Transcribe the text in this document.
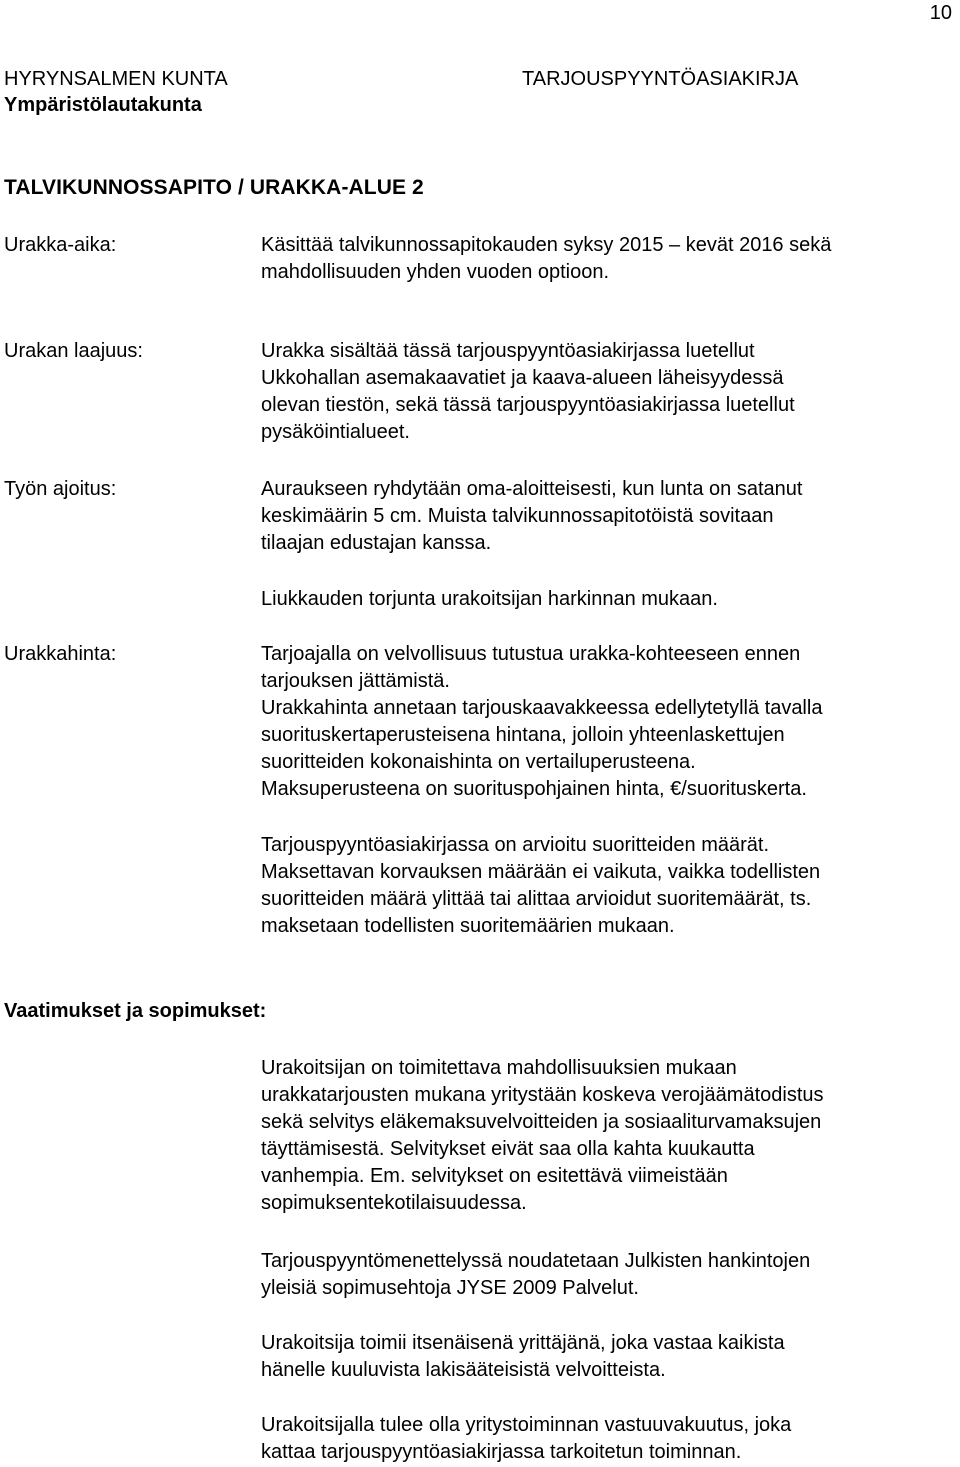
10
HYRYNSALMEN KUNTA
Ympäristölautakunta
TARJOUSPYYNTÖASIAKIRJA
TALVIKUNNOSSAPITO / URAKKA-ALUE 2
Urakka-aika:	Käsittää talvikunnossapitokauden syksy 2015 – kevät 2016 sekä

mahdollisuuden yhden vuoden optioon.

Urakan laajuus:	Urakka sisältää tässä tarjouspyyntöasiakirjassa luetellut

Ukkohallan asemakaavatiet ja kaava-alueen läheisyydessä

olevan tiestön, sekä tässä tarjouspyyntöasiakirjassa luetellut

pysäköintialueet.

Työn ajoitus:	Auraukseen ryhdytään oma-aloitteisesti, kun lunta on satanut

keskimäärin 5 cm. Muista talvikunnossapitotöistä sovitaan

tilaajan edustajan kanssa.

Liukkauden torjunta urakoitsijan harkinnan mukaan.

Urakkahinta:	Tarjoajalla on velvollisuus tutustua urakka-kohteeseen ennen

tarjouksen jättämistä.

Urakkahinta annetaan tarjouskaavakkeessa edellytetyllä tavalla

suorituskertaperusteisena hintana, jolloin yhteenlaskettujen

suoritteiden kokonaishinta on vertailuperusteena.

Maksuperusteena on suorituspohjainen hinta, €/suorituskerta.

Tarjouspyyntöasiakirjassa on arvioitu suoritteiden määrät.

Maksettavan korvauksen määrään ei vaikuta, vaikka todellisten

suoritteiden määrä ylittää tai alittaa arvioidut suoritemäärät, ts.

maksetaan todellisten suoritemäärien mukaan.

Vaatimukset ja sopimukset:

Urakoitsijan on toimitettava mahdollisuuksien mukaan

urakkatarjousten mukana yritystään koskeva verojäämätodistus

sekä selvitys eläkemaksuvelvoitteiden ja sosiaaliturvamaksujen

täyttämisestä. Selvitykset eivät saa olla kahta kuukautta

vanhempia. Em. selvitykset on esitettävä viimeistään

sopimuksentekotilaisuudessa.

Tarjouspyyntömenettelyssä noudatetaan Julkisten hankintojen

yleisiä sopimusehtoja JYSE 2009 Palvelut.

Urakoitsija toimii itsenäisenä yrittäjänä, joka vastaa kaikista

hänelle kuuluvista lakisääteisistä velvoitteista.

Urakoitsijalla tulee olla yritystoiminnan vastuuvakuutus, joka

kattaa tarjouspyyntöasiakirjassa tarkoitetun toiminnan.
